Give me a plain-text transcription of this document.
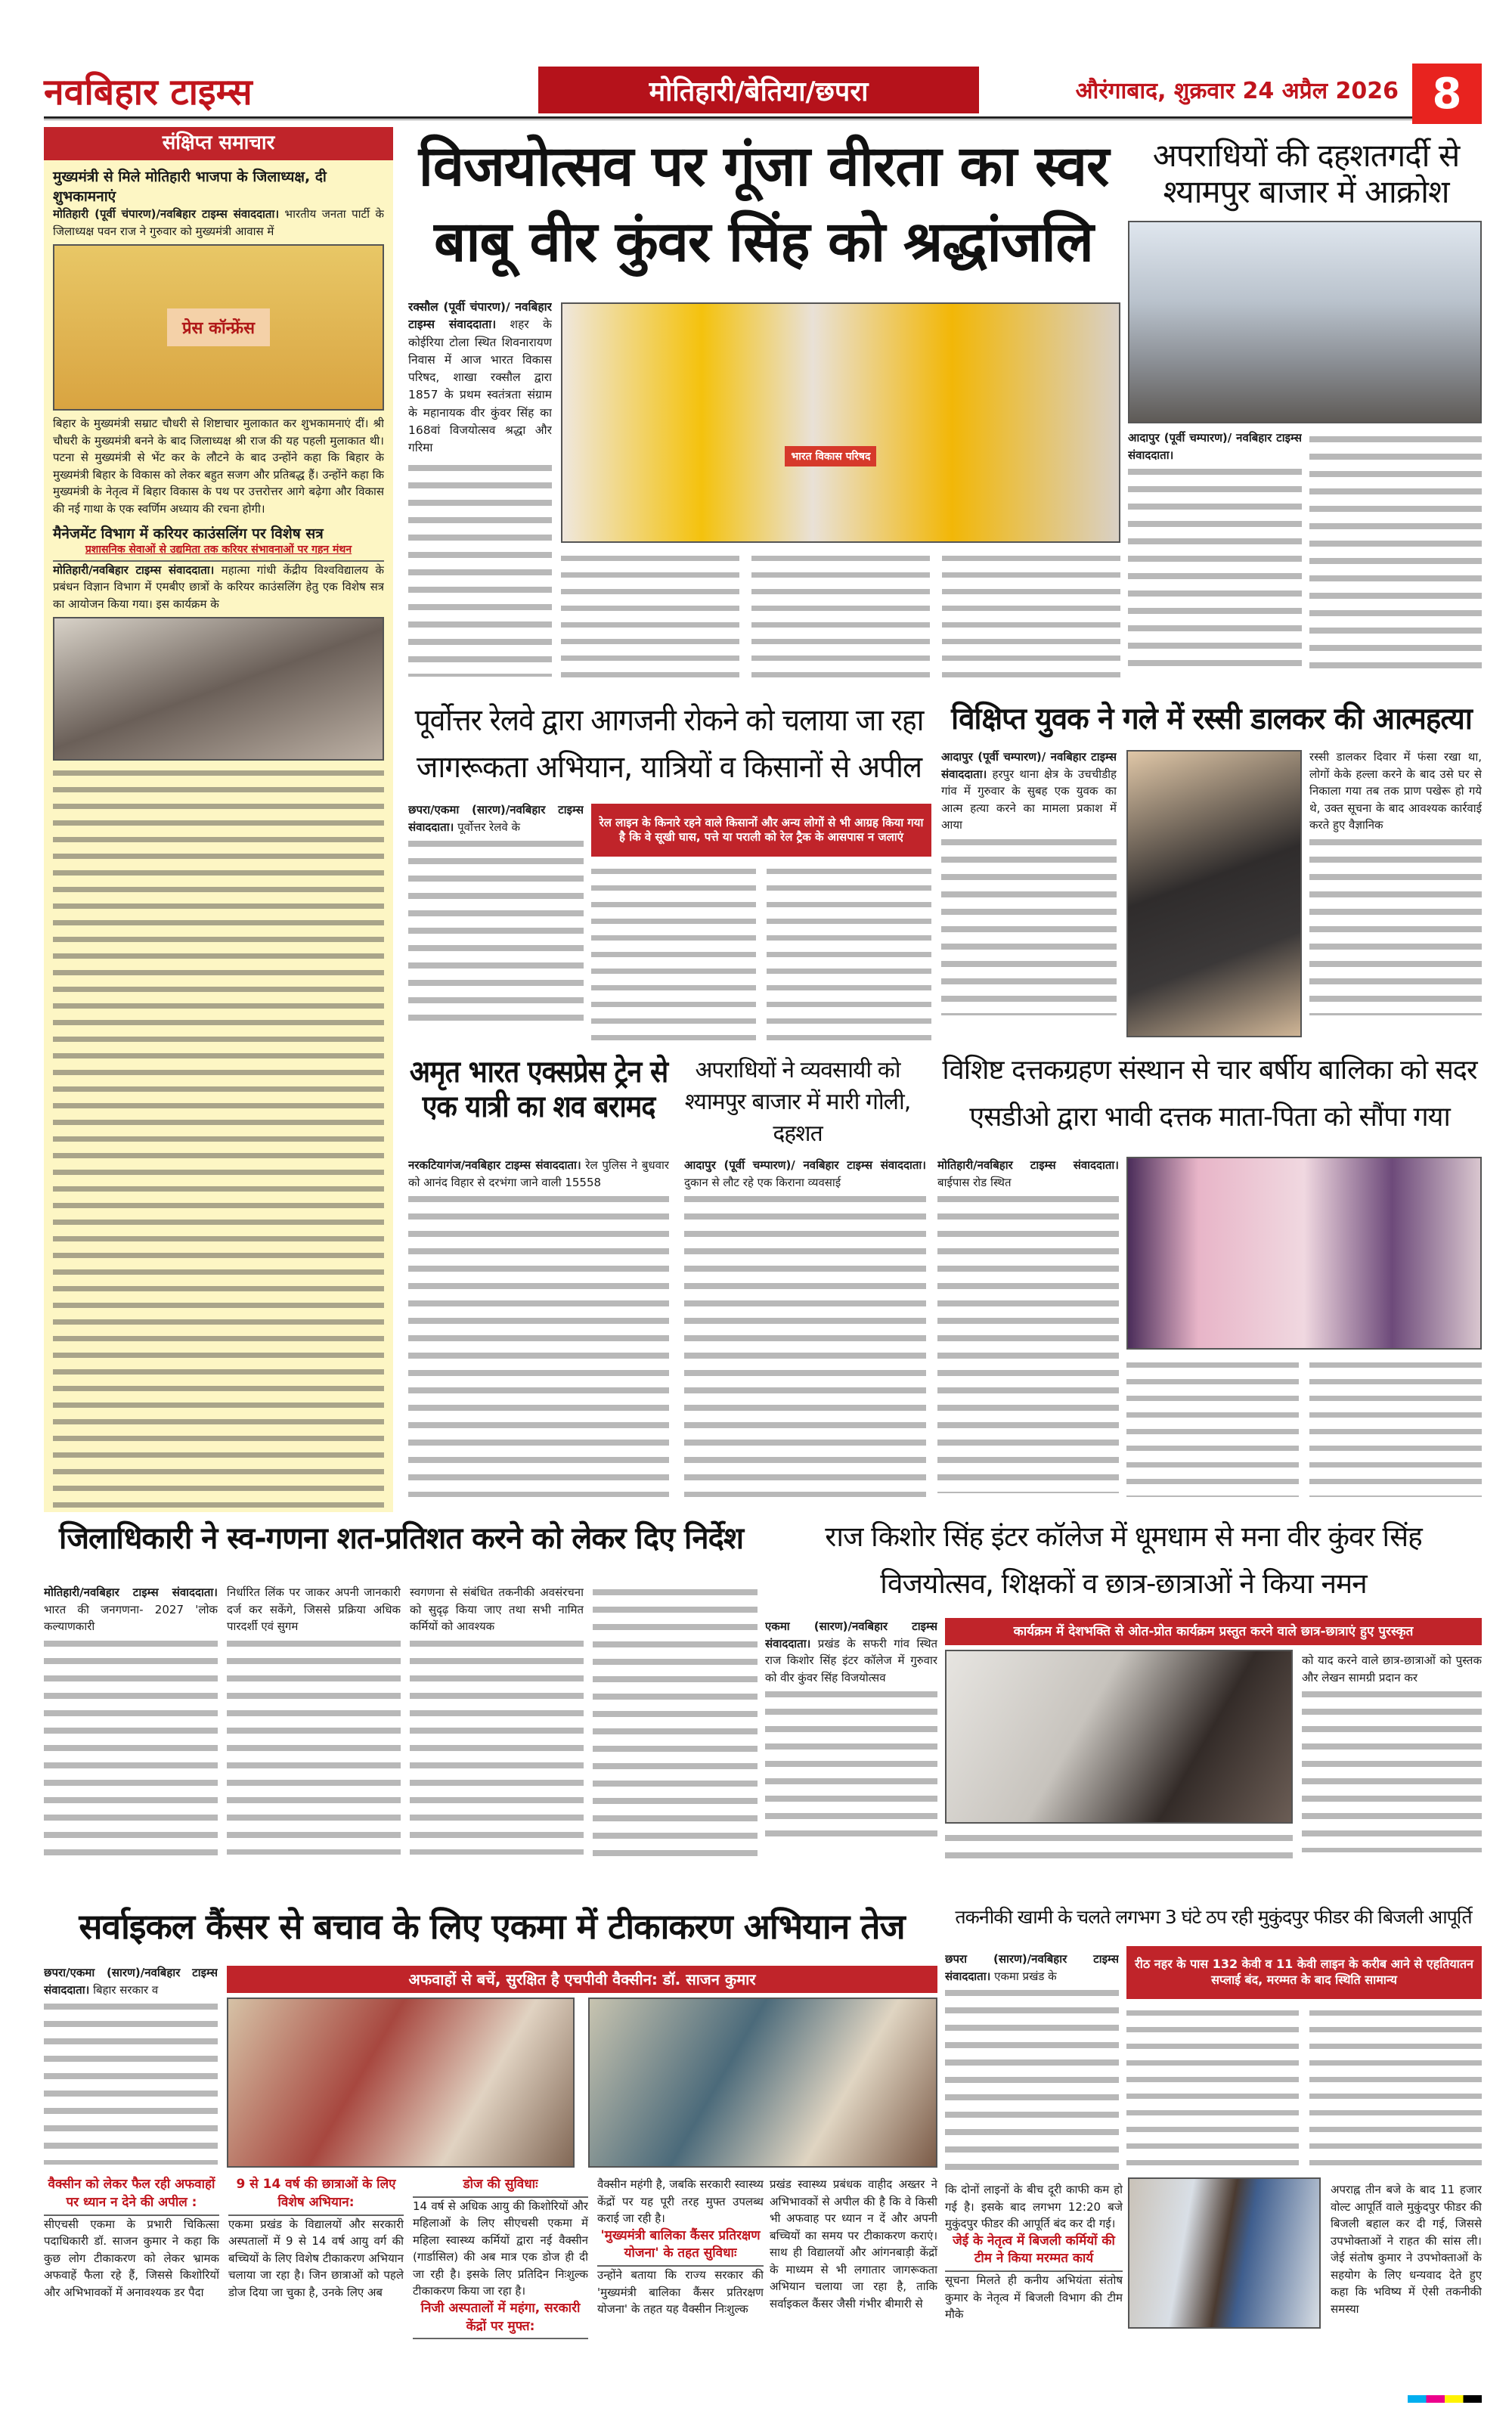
नवबिहार टाइम्स	मोतिहारी/बेतिया/छपरा	औरंगाबाद, शुक्रवार 24 अप्रैल 2026 8
संक्षिप्त समाचार
मुख्यमंत्री से मिले मोतिहारी भाजपा के जिलाध्यक्ष, दी शुभकामनाएं
मोतिहारी (पूर्वी चंपारण)/नवबिहार टाइम्स संवाददाता। भारतीय जनता पार्टी के जिलाध्यक्ष पवन राज ने गुरुवार को मुख्यमंत्री आवास में
प्रेस कॉन्फ्रेंस
बिहार के मुख्यमंत्री सम्राट चौधरी से शिष्टाचार मुलाकात कर शुभकामनाएं दीं। श्री चौधरी के मुख्यमंत्री बनने के बाद जिलाध्यक्ष श्री राज की यह पहली मुलाकात थी। पटना से मुख्यमंत्री से भेंट कर के लौटने के बाद उन्होंने कहा कि बिहार के मुख्यमंत्री बिहार के विकास को लेकर बहुत सजग और प्रतिबद्ध हैं। उन्होंने कहा कि मुख्यमंत्री के नेतृत्व में बिहार विकास के पथ पर उत्तरोत्तर आगे बढ़ेगा और विकास की नई गाथा के एक स्वर्णिम अध्याय की रचना होगी।
मैनेजमेंट विभाग में करियर काउंसलिंग पर विशेष सत्र
प्रशासनिक सेवाओं से उद्यमिता तक करियर संभावनाओं पर गहन मंथन
मोतिहारी/नवबिहार टाइम्स संवाददाता। महात्मा गांधी केंद्रीय विश्वविद्यालय के प्रबंधन विज्ञान विभाग में एमबीए छात्रों के करियर काउंसलिंग हेतु एक विशेष सत्र का आयोजन किया गया। इस कार्यक्रम के
विजयोत्सव पर गूंजा वीरता का स्वर
बाबू वीर कुंवर सिंह को श्रद्धांजलि
रक्सौल (पूर्वी चंपारण)/ नवबिहार टाइम्स संवाददाता। शहर के कोईरिया टोला स्थित शिवनारायण निवास में आज भारत विकास परिषद, शाखा रक्सौल द्वारा 1857 के प्रथम स्वतंत्रता संग्राम के महानायक वीर कुंवर सिंह का 168वां विजयोत्सव श्रद्धा और गरिमा
भारत विकास परिषद
अपराधियों की दहशतगर्दी से श्यामपुर बाजार में आक्रोश
आदापुर (पूर्वी चम्पारण)/ नवबिहार टाइम्स संवाददाता।
पूर्वोत्तर रेलवे द्वारा आगजनी रोकने को चलाया जा रहा
जागरूकता अभियान, यात्रियों व किसानों से अपील
छपरा/एकमा (सारण)/नवबिहार टाइम्स संवाददाता। पूर्वोत्तर रेलवे के	रेल लाइन के किनारे रहने वाले किसानों और अन्य लोगों से भी आग्रह किया गया है कि वे सूखी घास, पत्ते या पराली को रेल ट्रैक के आसपास न जलाएं
विक्षिप्त युवक ने गले में रस्सी डालकर की आत्महत्या
आदापुर (पूर्वी चम्पारण)/ नवबिहार टाइम्स संवाददाता। हरपुर थाना क्षेत्र के उचचीडीह गांव में गुरुवार के सुबह एक युवक का आत्म हत्या करने का मामला प्रकाश में आया
रस्सी डालकर दिवार में फंसा रखा था, लोगों केके हल्ला करने के बाद उसे घर से निकाला गया तब तक प्राण पखेरू हो गये थे, उक्त सूचना के बाद आवश्यक कार्रवाई करते हुए वैज्ञानिक
अमृत भारत एक्सप्रेस ट्रेन से एक यात्री का शव बरामद
नरकटियागंज/नवबिहार टाइम्स संवाददाता। रेल पुलिस ने बुधवार को आनंद विहार से दरभंगा जाने वाली 15558
अपराधियों ने व्यवसायी को श्यामपुर बाजार में मारी गोली, दहशत
आदापुर (पूर्वी चम्पारण)/ नवबिहार टाइम्स संवाददाता। दुकान से लौट रहे एक किराना व्यवसाई
विशिष्ट दत्तकग्रहण संस्थान से चार बर्षीय बालिका को सदर
एसडीओ द्वारा भावी दत्तक माता-पिता को सौंपा गया
मोतिहारी/नवबिहार टाइम्स संवाददाता। बाईपास रोड स्थित
जिलाधिकारी ने स्व-गणना शत-प्रतिशत करने को लेकर दिए निर्देश
मोतिहारी/नवबिहार टाइम्स संवाददाता। भारत की जनगणना- 2027 'लोक कल्याणकारी
निर्धारित लिंक पर जाकर अपनी जानकारी दर्ज कर सकेंगे, जिससे प्रक्रिया अधिक पारदर्शी एवं सुगम
स्वगणना से संबंधित तकनीकी अवसंरचना को सुदृढ़ किया जाए तथा सभी नामित कर्मियों को आवश्यक
राज किशोर सिंह इंटर कॉलेज में धूमधाम से मना वीर कुंवर सिंह
विजयोत्सव, शिक्षकों व छात्र-छात्राओं ने किया नमन
एकमा (सारण)/नवबिहार टाइम्स संवाददाता। प्रखंड के सफरी गांव स्थित राज किशोर सिंह इंटर कॉलेज में गुरुवार को वीर कुंवर सिंह विजयोत्सव
कार्यक्रम में देशभक्ति से ओत-प्रोत कार्यक्रम प्रस्तुत करने वाले छात्र-छात्राएं हुए पुरस्कृत
को याद करने वाले छात्र-छात्राओं को पुस्तक और लेखन सामग्री प्रदान कर
सर्वाइकल कैंसर से बचाव के लिए एकमा में टीकाकरण अभियान तेज
छपरा/एकमा (सारण)/नवबिहार टाइम्स संवाददाता। बिहार सरकार व
अफवाहों से बचें, सुरक्षित है एचपीवी वैक्सीन: डॉ. साजन कुमार
वैक्सीन को लेकर फैल रही अफवाहों पर ध्यान न देने की अपील :
सीएचसी एकमा के प्रभारी चिकित्सा पदाधिकारी डॉ. साजन कुमार ने कहा कि कुछ लोग टीकाकरण को लेकर भ्रामक अफवाहें फैला रहे हैं, जिससे किशोरियों और अभिभावकों में अनावश्यक डर पैदा
9 से 14 वर्ष की छात्राओं के लिए विशेष अभियान:
एकमा प्रखंड के विद्यालयों और सरकारी अस्पतालों में 9 से 14 वर्ष आयु वर्ग की बच्चियों के लिए विशेष टीकाकरण अभियान चलाया जा रहा है। जिन छात्राओं को पहले डोज दिया जा चुका है, उनके लिए अब
डोज की सुविधाः
14 वर्ष से अधिक आयु की किशोरियों और महिलाओं के लिए सीएचसी एकमा में महिला स्वास्थ्य कर्मियों द्वारा नई वैक्सीन (गार्डासिल) की अब मात्र एक डोज ही दी जा रही है। इसके लिए प्रतिदिन निःशुल्क टीकाकरण किया जा रहा है।
निजी अस्पतालों में महंगा, सरकारी केंद्रों पर मुफ्त:
वैक्सीन महंगी है, जबकि सरकारी स्वास्थ्य केंद्रों पर यह पूरी तरह मुफ्त उपलब्ध कराई जा रही है।
'मुख्यमंत्री बालिका कैंसर प्रतिरक्षण योजना' के तहत सुविधाः
उन्होंने बताया कि राज्य सरकार की 'मुख्यमंत्री बालिका कैंसर प्रतिरक्षण योजना' के तहत यह वैक्सीन निःशुल्क
प्रखंड स्वास्थ्य प्रबंधक वाहीद अख्तर ने अभिभावकों से अपील की है कि वे किसी भी अफवाह पर ध्यान न दें और अपनी बच्चियों का समय पर टीकाकरण कराएं। साथ ही विद्यालयों और आंगनबाड़ी केंद्रों के माध्यम से भी लगातार जागरूकता अभियान चलाया जा रहा है, ताकि सर्वाइकल कैंसर जैसी गंभीर बीमारी से
तकनीकी खामी के चलते लगभग 3 घंटे ठप रही मुकुंदपुर फीडर की बिजली आपूर्ति
छपरा (सारण)/नवबिहार टाइम्स संवाददाता। एकमा प्रखंड के
रीठ नहर के पास 132 केवी व 11 केवी लाइन के करीब आने से एहतियातन सप्लाई बंद, मरम्मत के बाद स्थिति सामान्य
कि दोनों लाइनों के बीच दूरी काफी कम हो गई है। इसके बाद लगभग 12:20 बजे मुकुंदपुर फीडर की आपूर्ति बंद कर दी गई।
जेई के नेतृत्व में बिजली कर्मियों की टीम ने किया मरम्मत कार्य
सूचना मिलते ही कनीय अभियंता संतोष कुमार के नेतृत्व में बिजली विभाग की टीम मौके
अपराह्न तीन बजे के बाद 11 हजार वोल्ट आपूर्ति वाले मुकुंदपुर फीडर की बिजली बहाल कर दी गई, जिससे उपभोक्ताओं ने राहत की सांस ली।जेई संतोष कुमार ने उपभोक्ताओं के सहयोग के लिए धन्यवाद देते हुए कहा कि भविष्य में ऐसी तकनीकी समस्या
